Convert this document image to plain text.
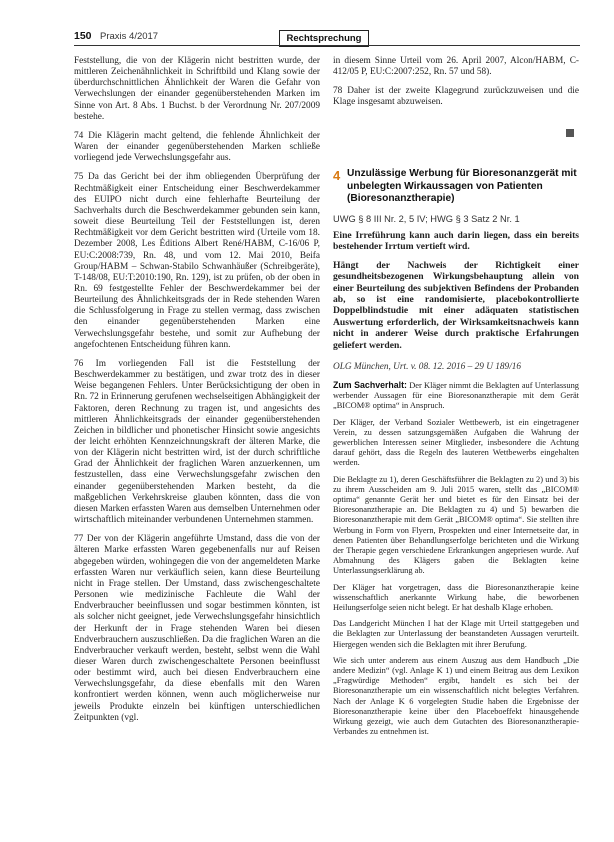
150 Praxis 4/2017	Rechtsprechung

Feststellung, die von der Klägerin nicht bestritten wurde, der mittleren Zeichenähnlichkeit in Schriftbild und Klang sowie der überdurchschnittlichen Ähnlichkeit der Waren die Gefahr von Verwechslungen der einander gegenüberstehenden Marken im Sinne von Art. 8 Abs. 1 Buchst. b der Verordnung Nr. 207/2009 bestehe.

74 Die Klägerin macht geltend, die fehlende Ähnlichkeit der Waren der einander gegenüberstehenden Marken schließe vorliegend jede Verwechslungsgefahr aus.

75 Da das Gericht bei der ihm obliegenden Überprüfung der Rechtmäßigkeit einer Entscheidung einer Beschwerdekammer des EUIPO nicht durch eine fehlerhafte Beurteilung der Sachverhalts durch die Beschwerdekammer gebunden sein kann, soweit diese Beurteilung Teil der Feststellungen ist, deren Rechtmäßigkeit vor dem Gericht bestritten wird (Urteile vom 18. Dezember 2008, Les Éditions Albert René/HABM, C-16/06 P, EU:C:2008:739, Rn. 48, und vom 12. Mai 2010, Beifa Group/HABM – Schwan-Stabilo Schwanhäußer (Schreibgeräte), T-148/08, EU:T:2010:190, Rn. 129), ist zu prüfen, ob der oben in Rn. 69 festgestellte Fehler der Beschwerdekammer bei der Beurteilung des Ähnlichkeitsgrads der in Rede stehenden Waren die Schlussfolgerung in Frage zu stellen vermag, dass zwischen den einander gegenüberstehenden Marken eine Verwechslungsgefahr bestehe, und somit zur Aufhebung der angefochtenen Entscheidung führen kann.

76 Im vorliegenden Fall ist die Feststellung der Beschwerdekammer zu bestätigen, und zwar trotz des in dieser Weise begangenen Fehlers. Unter Berücksichtigung der oben in Rn. 72 in Erinnerung gerufenen wechselseitigen Abhängigkeit der Faktoren, deren Rechnung zu tragen ist, und angesichts des mittleren Ähnlichkeitsgrads der einander gegenüberstehenden Zeichen in bildlicher und phonetischer Hinsicht sowie angesichts der leicht erhöhten Kennzeichnungskraft der älteren Marke, die von der Klägerin nicht bestritten wird, ist der durch schriftliche Grad der Ähnlichkeit der fraglichen Waren anzuerkennen, um festzustellen, dass eine Verwechslungsgefahr zwischen den einander gegenüberstehenden Marken besteht, da die maßgeblichen Verkehrskreise glauben könnten, dass die von diesen Marken erfassten Waren aus demselben Unternehmen oder wirtschaftlich miteinander verbundenen Unternehmen stammen.

77 Der von der Klägerin angeführte Umstand, dass die von der älteren Marke erfassten Waren gegebenenfalls nur auf Reisen abgegeben würden, wohingegen die von der angemeldeten Marke erfassten Waren nur verkäuflich seien, kann diese Beurteilung nicht in Frage stellen. Der Umstand, dass zwischengeschaltete Personen wie medizinische Fachleute die Wahl der Endverbraucher beeinflussen und sogar bestimmen könnten, ist als solcher nicht geeignet, jede Verwechslungsgefahr hinsichtlich der Herkunft der in Frage stehenden Waren bei diesen Endverbrauchern auszuschließen. Da die fraglichen Waren an die Endverbraucher verkauft werden, besteht, selbst wenn die Wahl dieser Waren durch zwischengeschaltete Personen beeinflusst oder bestimmt wird, auch bei diesen Endverbrauchern eine Verwechslungsgefahr, da diese ebenfalls mit den Waren konfrontiert werden können, wenn auch möglicherweise nur jeweils Produkte einzeln bei künftigen unterschiedlichen Zeitpunkten (vgl.

in diesem Sinne Urteil vom 26. April 2007, Alcon/HABM, C-412/05 P, EU:C:2007:252, Rn. 57 und 58).

78 Daher ist der zweite Klagegrund zurückzuweisen und die Klage insgesamt abzuweisen.

4 Unzulässige Werbung für Bioresonanzgerät mit unbelegten Wirkaussagen von Patienten (Bioresonanztherapie)
UWG § 8 III Nr. 2, 5 IV; HWG § 3 Satz 2 Nr. 1

Eine Irreführung kann auch darin liegen, dass ein bereits bestehender Irrtum vertieft wird.

Hängt der Nachweis der Richtigkeit einer gesundheitsbezogenen Wirkungsbehauptung allein von einer Beurteilung des subjektiven Befindens der Probanden ab, so ist eine randomisierte, placebokontrollierte Doppelblindstudie mit einer adäquaten statistischen Auswertung erforderlich, der Wirksamkeitsnachweis kann nicht in anderer Weise durch praktische Erfahrungen geliefert werden.

OLG München, Urt. v. 08. 12. 2016 – 29 U 189/16

Zum Sachverhalt: Der Kläger nimmt die Beklagten auf Unterlassung werbender Aussagen für eine Bioresonanztherapie mit dem Gerät „BICOM® optima“ in Anspruch.

Der Kläger, der Verband Sozialer Wettbewerb, ist ein eingetragener Verein, zu dessen satzungsgemäßen Aufgaben die Wahrung der gewerblichen Interessen seiner Mitglieder, insbesondere die Achtung darauf gehört, dass die Regeln des lauteren Wettbewerbs eingehalten werden.

Die Beklagte zu 1), deren Geschäftsführer die Beklagten zu 2) und 3) bis zu ihrem Ausscheiden am 9. Juli 2015 waren, stellt das „BICOM® optima“ genannte Gerät her und bietet es für den Einsatz bei der Bioresonanztherapie an. Die Beklagten zu 4) und 5) bewarben die Bioresonanztherapie mit dem Gerät „BICOM® optima“. Sie stellten ihre Werbung in Form von Flyern, Prospekten und einer Internetseite dar, in denen Patienten über Behandlungserfolge berichteten und die Wirkung der Therapie gegen verschiedene Erkrankungen angepriesen wurde. Auf Abmahnung des Klägers gaben die Beklagten keine Unterlassungserklärung ab.

Der Kläger hat vorgetragen, dass die Bioresonanztherapie keine wissenschaftlich anerkannte Wirkung habe, die beworbenen Heilungserfolge seien nicht belegt. Er hat deshalb Klage erhoben.

Das Landgericht München I hat der Klage mit Urteil stattgegeben und die Beklagten zur Unterlassung der beanstandeten Aussagen verurteilt. Hiergegen wenden sich die Beklagten mit ihrer Berufung.

Wie sich unter anderem aus einem Auszug aus dem Handbuch „Die andere Medizin“ (vgl. Anlage K 1) und einem Beitrag aus dem Lexikon „Fragwürdige Methoden“ ergibt, handelt es sich bei der Bioresonanztherapie um ein wissenschaftlich nicht belegtes Verfahren. Nach der Anlage K 6 vorgelegten Studie haben die Ergebnisse der Bioresonanztherapie keine über den Placeboeffekt hinausgehende Wirkung gezeigt, wie auch dem Gutachten des Bioresonanztherapie-Verbandes zu entnehmen ist.
